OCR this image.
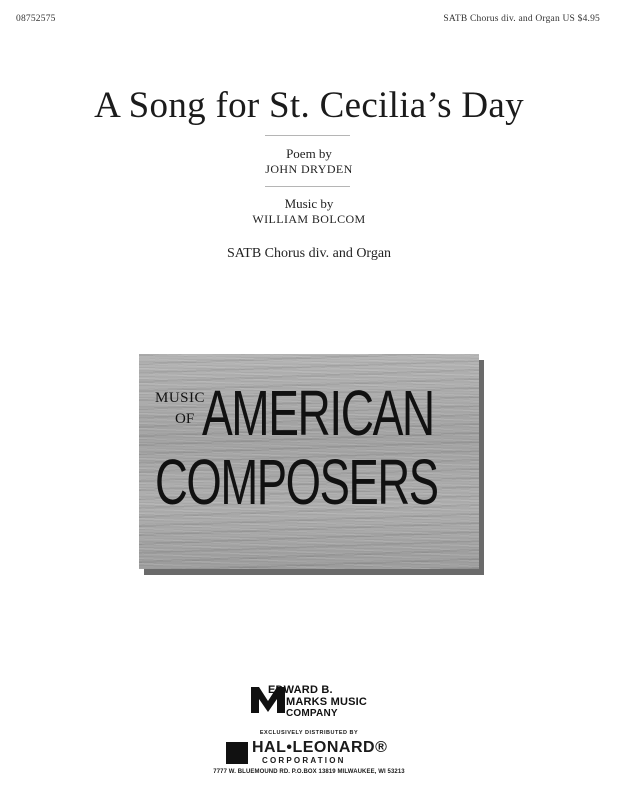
08752575	SATB Chorus div. and Organ US $4.95
A Song for St. Cecilia’s Day
Poem by
JOHN DRYDEN
Music by
WILLIAM BOLCOM
SATB Chorus div. and Organ
MUSIC
OF AMERICAN
COMPOSERS
EDWARD B.
MARKS MUSIC
COMPANY
EXCLUSIVELY DISTRIBUTED BY
HAL•LEONARD®
CORPORATION
7777 W. BLUEMOUND RD. P.O.BOX 13819 MILWAUKEE, WI 53213
